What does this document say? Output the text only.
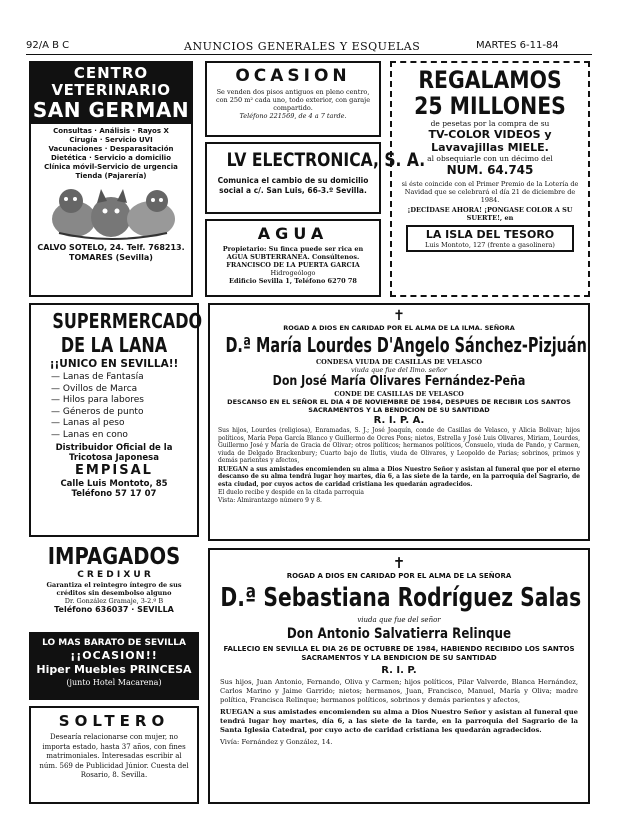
92/A B C	ANUNCIOS GENERALES Y ESQUELAS	MARTES 6-11-84
CENTRO
VETERINARIO
SAN GERMAN
Consultas · Análisis · Rayos X
Cirugía · Servicio UVI
Vacunaciones · Desparasitación
Dietética · Servicio a domicilio
Clínica móvil-Servicio de urgencia
Tienda (Pajarería)
CALVO SOTELO, 24. Telf. 768213.
TOMARES (Sevilla)
OCASION
Se venden dos pisos antiguos en pleno centro, con 250 m² cada uno, todo exterior, con garaje compartido.
Teléfono 221569, de 4 a 7 tarde.
LV ELECTRONICA, S. A.
Comunica el cambio de su domicilio social a c/. San Luis, 66-3.º Sevilla.
AGUA
Propietario: Su finca puede ser rica en AGUA SUBTERRANEA. Consúltenos. FRANCISCO DE LA PUERTA GARCIA
Hidrogeólogo
Edificio Sevilla 1, Teléfono 6270 78
REGALAMOS
25 MILLONES
de pesetas por la compra de su
TV-COLOR VIDEOS y
Lavavajillas MIELE.
al obsequiarle con un décimo del
NUM. 64.745
si éste coincide con el Primer Premio de la Lotería de Navidad que se celebrará el día 21 de diciembre de 1984.
¡DECÍDASE AHORA! ¡PONGASE COLOR A SU SUERTE!, en
LA ISLA DEL TESORO
Luis Montoto, 127 (frente a gasolinera)
SUPERMERCADO
DE LA LANA
¡¡UNICO EN SEVILLA!!
— Lanas de Fantasía
— Ovillos de Marca
— Hilos para labores
— Géneros de punto
— Lanas al peso
— Lanas en cono
Distribuidor Oficial de la
Tricotosa Japonesa
EMPISAL
Calle Luis Montoto, 85
Teléfono 57 17 07
IMPAGADOS
C R E D I X U R
Garantiza el reintegro íntegro de sus créditos sin desembolso alguno
Dr. González Gramaje, 3-2.º B
Teléfono 636037 · SEVILLA
LO MAS BARATO DE SEVILLA
¡¡OCASION!!
Hiper Muebles PRINCESA
(junto Hotel Macarena)
SOLTERO
Desearía relacionarse con mujer, no importa estado, hasta 37 años, con fines matrimoniales. Interesadas escribir al núm. 569 de Publicidad Júnior. Cuesta del Rosario, 8. Sevilla.
✝
ROGAD A DIOS EN CARIDAD POR EL ALMA DE LA ILMA. SEÑORA
D.ª María Lourdes D'Angelo Sánchez-Pizjuán
CONDESA VIUDA DE CASILLAS DE VELASCO
viuda que fue del Ilmo. señor
Don José María Olivares Fernández-Peña
CONDE DE CASILLAS DE VELASCO
DESCANSO EN EL SEÑOR EL DIA 4 DE NOVIEMBRE DE 1984, DESPUES DE RECIBIR LOS SANTOS SACRAMENTOS Y LA BENDICION DE SU SANTIDAD
R. I. P. A.
Sus hijos, Lourdes (religiosa), Enramadas, S. J.; José Joaquín, conde de Casillas de Velasco, y Alicia Bolivar; hijos políticos, María Pepa García Blanco y Guillermo de Ocres Pons; nietos, Estrella y José Luis Olivares, Miriam, Lourdes, Guillermo José y María de Gracia de Olivar; otros políticos; hermanos políticos, Consuelo, viuda de Pando, y Carmen, viuda de Delgado Brackenbury; Cuarto bajo de Ilutis, viuda de Olivares, y Leopoldo de Parias; sobrinos, primos y demás parientes y afectos,
RUEGAN a sus amistades encomienden su alma a Dios Nuestro Señor y asistan al funeral que por el eterno descanso de su alma tendrá lugar hoy martes, día 6, a las siete de la tarde, en la parroquia del Sagrario, de esta ciudad, por cuyos actos de caridad cristiana les quedarán agradecidos.
El duelo recibe y despide en la citada parroquia
Vista: Almirantazgo número 9 y 8.
✝
ROGAD A DIOS EN CARIDAD POR EL ALMA DE LA SEÑORA
D.ª Sebastiana Rodríguez Salas
viuda que fue del señor
Don Antonio Salvatierra Relinque
FALLECIO EN SEVILLA EL DIA 26 DE OCTUBRE DE 1984, HABIENDO RECIBIDO LOS SANTOS SACRAMENTOS Y LA BENDICION DE SU SANTIDAD
R. I. P.
Sus hijos, Juan Antonio, Fernando, Oliva y Carmen; hijos políticos, Pilar Valverde, Blanca Hernández, Carlos Marino y Jaime Garrido; nietos; hermanos, Juan, Francisco, Manuel, María y Oliva; madre política, Francisca Relinque; hermanos políticos, sobrinos y demás parientes y afectos,
RUEGAN a sus amistades encomienden su alma a Dios Nuestro Señor y asistan al funeral que tendrá lugar hoy martes, día 6, a las siete de la tarde, en la parroquia del Sagrario de la Santa Iglesia Catedral, por cuyo acto de caridad cristiana les quedarán agradecidos.
Vivía: Fernández y González, 14.
